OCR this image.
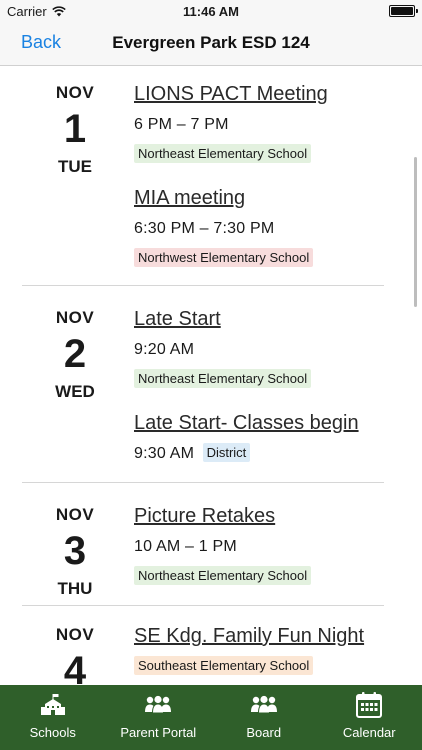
Carrier	11:46 AM
Back	Evergreen Park ESD 124
NOV
1
TUE
LIONS PACT Meeting
6 PM – 7 PM
Northeast Elementary School
MIA meeting
6:30 PM – 7:30 PM
Northwest Elementary School
NOV
2
WED
Late Start
9:20 AM
Northeast Elementary School
Late Start- Classes begin
9:30 AM District
NOV
3
THU
Picture Retakes
10 AM – 1 PM
Northeast Elementary School
NOV
4
SE Kdg. Family Fun Night
Southeast Elementary School
Schools	Parent Portal	Board	Calendar
